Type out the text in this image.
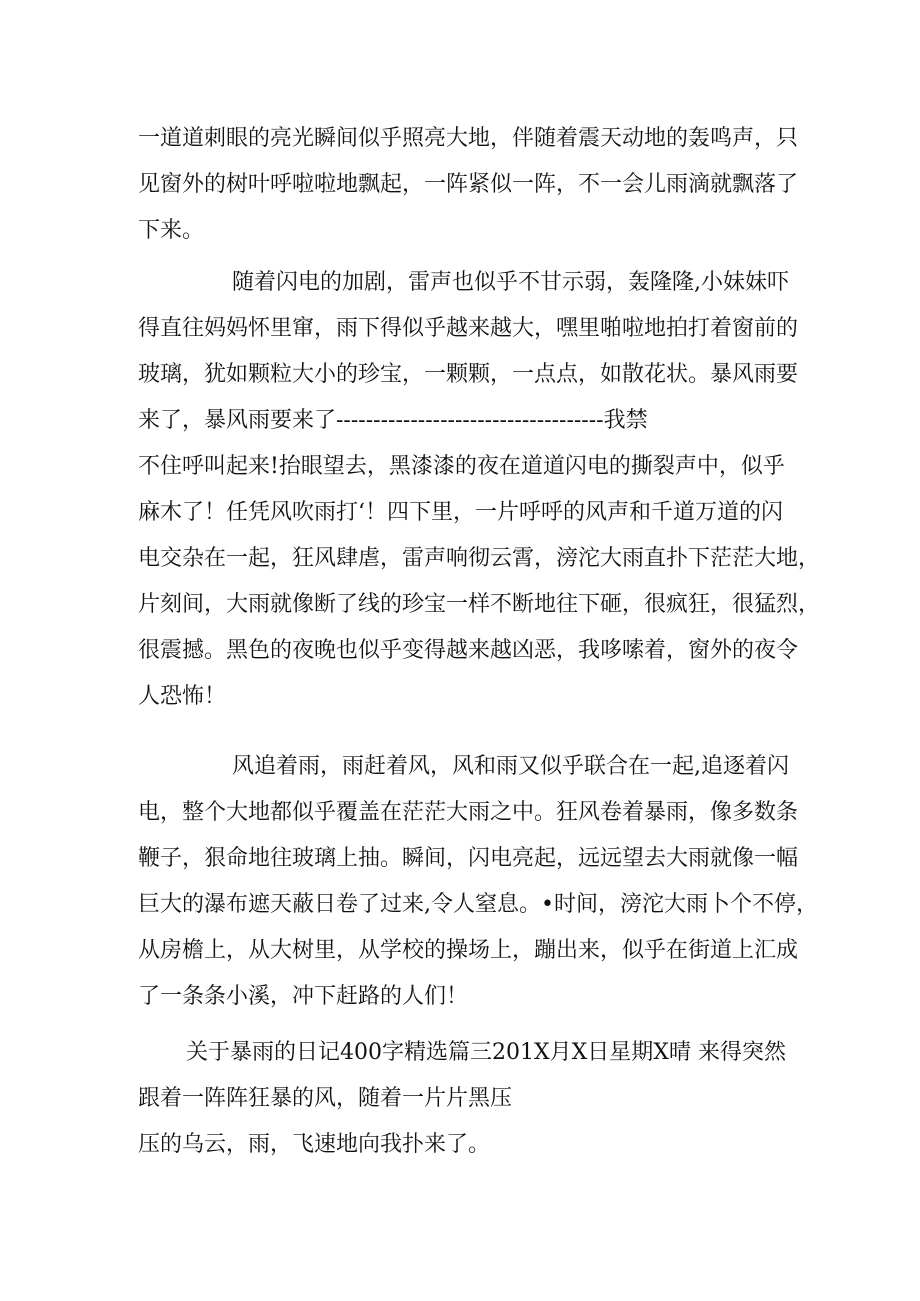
一道道刺眼的亮光瞬间似乎照亮大地，伴随着震天动地的轰鸣声，只
见窗外的树叶呼啦啦地飘起，一阵紧似一阵，不一会儿雨滴就飘落了
下来。
随着闪电的加剧，雷声也似乎不甘示弱，轰隆隆,小妹妹吓
得直往妈妈怀里窜，雨下得似乎越来越大，嘿里啪啦地拍打着窗前的
玻璃，犹如颗粒大小的珍宝，一颗颗，一点点，如散花状。暴风雨要
来了，暴风雨要来了------------------------------------我禁
不住呼叫起来!抬眼望去，黑漆漆的夜在道道闪电的撕裂声中，似乎
麻木了！任凭风吹雨打‘！四下里，一片呼呼的风声和千道万道的闪
电交杂在一起，狂风肆虐，雷声响彻云霄，滂沱大雨直扑下茫茫大地，
片刻间，大雨就像断了线的珍宝一样不断地往下砸，很疯狂，很猛烈，
很震撼。黑色的夜晚也似乎变得越来越凶恶，我哆嗦着，窗外的夜令
人恐怖！
风追着雨，雨赶着风，风和雨又似乎联合在一起,追逐着闪
电，整个大地都似乎覆盖在茫茫大雨之中。狂风卷着暴雨，像多数条
鞭子，狠命地往玻璃上抽。瞬间，闪电亮起，远远望去大雨就像一幅
巨大的瀑布遮天蔽日卷了过来,令人窒息。•时间，滂沱大雨卜个不停，
从房檐上，从大树里，从学校的操场上，蹦出来，似乎在街道上汇成
了一条条小溪，冲下赶路的人们！
关于暴雨的日记400字精选篇三201X月X日星期X晴 来得突然
跟着一阵阵狂暴的风，随着一片片黑压
压的乌云，雨，飞速地向我扑来了。
